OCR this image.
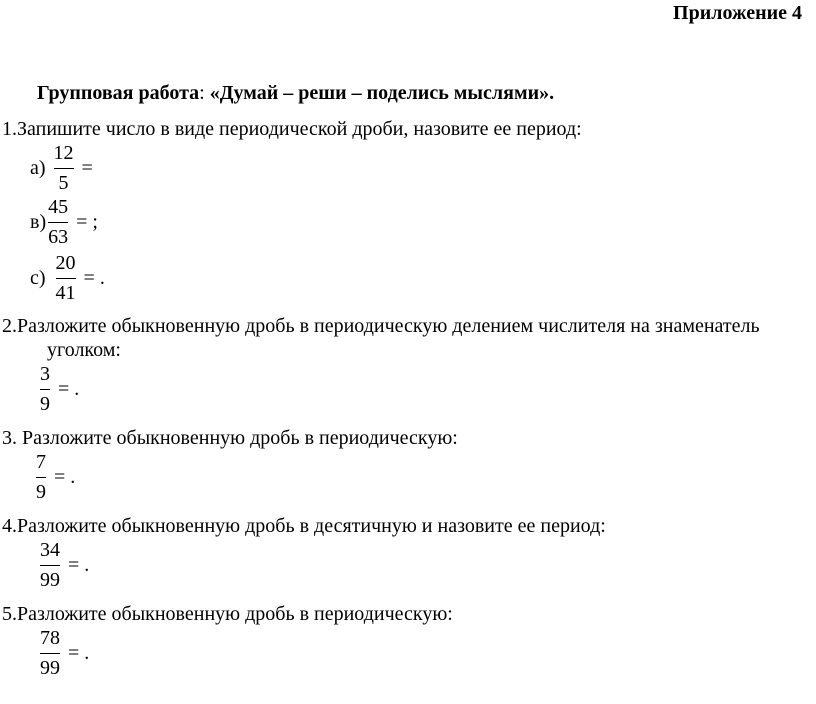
Приложение 4
Групповая работа: «Думай – реши – поделись мыслями».
1.Запишите число в виде периодической дроби, назовите ее период:
$а) \frac{12}{5}$ =
$в) \frac{45}{63}$ = ;
$с) \frac{20}{41}$ = .
2.Разложите обыкновенную дробь в периодическую делением числителя на знаменатель
уголком:
$\frac{3}{9}$ = .
3. Разложите обыкновенную дробь в периодическую:
$\frac{7}{9}$ = .
4.Разложите обыкновенную дробь в десятичную и назовите ее период:
$\frac{34}{99}$ = .
5.Разложите обыкновенную дробь в периодическую:
$\frac{78}{99}$ = .
